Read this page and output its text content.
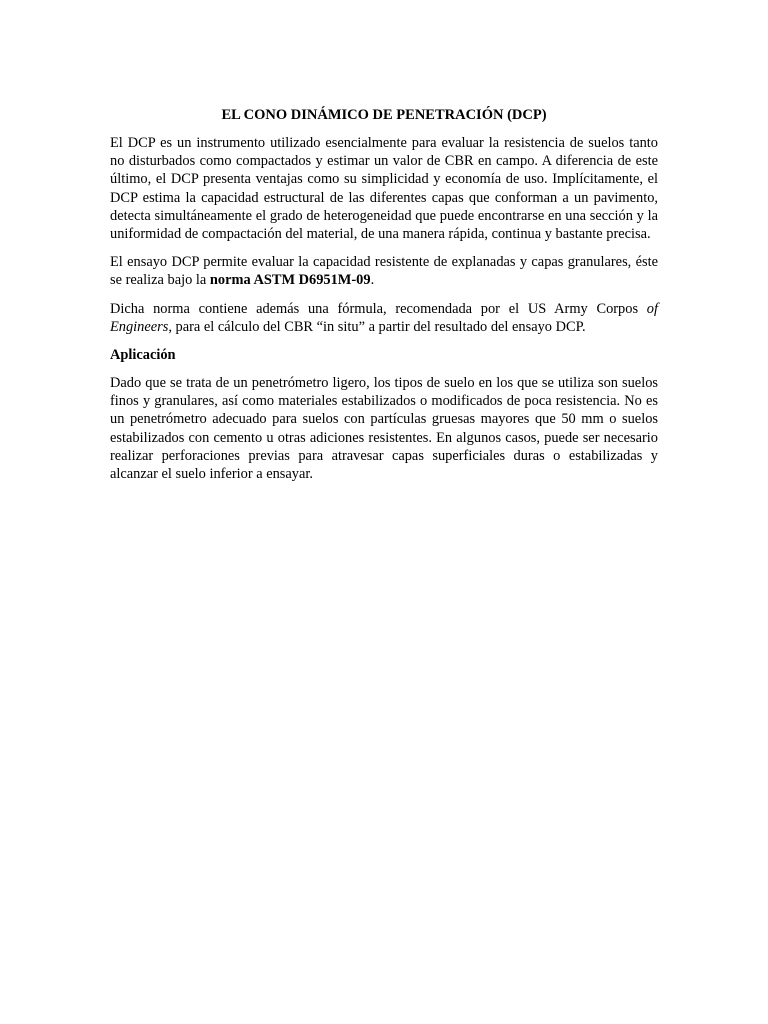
EL CONO DINÁMICO DE PENETRACIÓN (DCP)

El DCP es un instrumento utilizado esencialmente para evaluar la resistencia de suelos tanto no disturbados como compactados y estimar un valor de CBR en campo. A diferencia de este último, el DCP presenta ventajas como su simplicidad y economía de uso. Implícitamente, el DCP estima la capacidad estructural de las diferentes capas que conforman a un pavimento, detecta simultáneamente el grado de heterogeneidad que puede encontrarse en una sección y la uniformidad de compactación del material, de una manera rápida, continua y bastante precisa.

El ensayo DCP permite evaluar la capacidad resistente de explanadas y capas granulares, éste se realiza bajo la norma ASTM D6951M-09.

Dicha norma contiene además una fórmula, recomendada por el US Army Corpos of Engineers, para el cálculo del CBR “in situ” a partir del resultado del ensayo DCP.

Aplicación

Dado que se trata de un penetrómetro ligero, los tipos de suelo en los que se utiliza son suelos finos y granulares, así como materiales estabilizados o modificados de poca resistencia. No es un penetrómetro adecuado para suelos con partículas gruesas mayores que 50 mm o suelos estabilizados con cemento u otras adiciones resistentes. En algunos casos, puede ser necesario realizar perforaciones previas para atravesar capas superficiales duras o estabilizadas y alcanzar el suelo inferior a ensayar.
